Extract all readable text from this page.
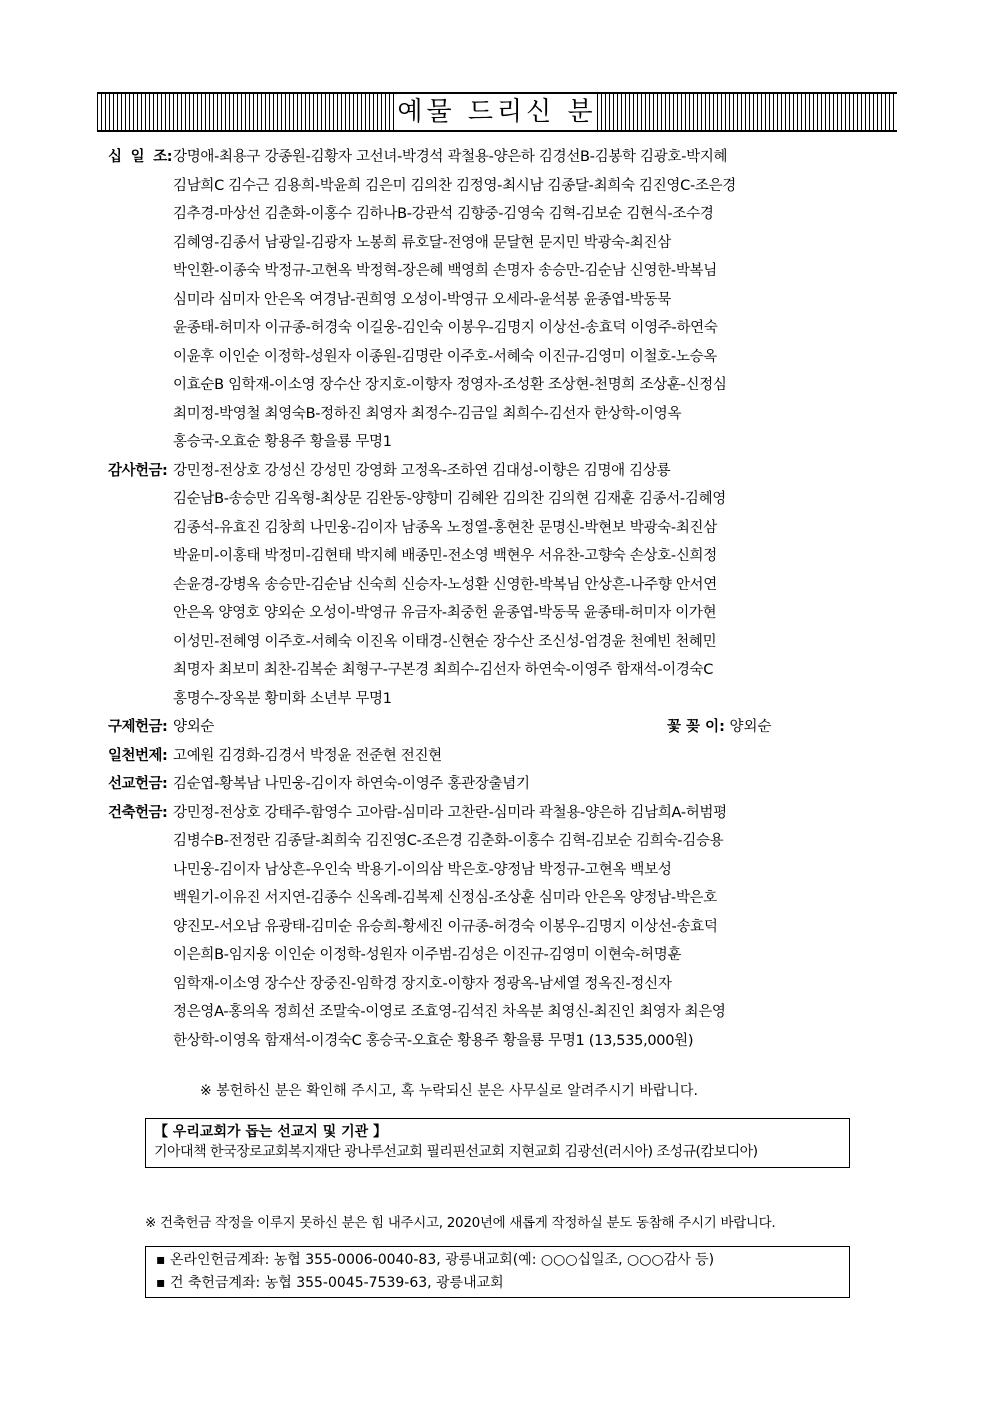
예물 드리신 분
십 일 조: 강명애-최용구 강종원-김황자 고선녀-박경석 곽철용-양은하 김경선B-김봉학 김광호-박지혜
김남희C 김수근 김용희-박윤희 김은미 김의찬 김정영-최시남 김종달-최희숙 김진영C-조은경
김추경-마상선 김춘화-이홍수 김하나B-강관석 김향중-김영숙 김혁-김보순 김현식-조수경
김혜영-김종서 남광일-김광자 노봉희 류호달-전영애 문달현 문지민 박광숙-최진삼
박인환-이종숙 박정규-고현옥 박정혁-장은혜 백영희 손명자 송승만-김순남 신영한-박복님
심미라 심미자 안은옥 여경남-권희영 오성이-박영규 오세라-윤석봉 윤종엽-박동묵
윤종태-허미자 이규종-허경숙 이길웅-김인숙 이봉우-김명지 이상선-송효덕 이영주-하연숙
이윤후 이인순 이정학-성원자 이종원-김명란 이주호-서혜숙 이진규-김영미 이철호-노승옥
이효순B 임학재-이소영 장수산 장지호-이향자 정영자-조성환 조상현-천명희 조상훈-신정심
최미정-박영철 최영숙B-정하진 최영자 최정수-김금일 최희수-김선자 한상학-이영옥
홍승국-오효순 황용주 황을룡 무명1
감사헌금: 강민정-전상호 강성신 강성민 강영화 고정옥-조하연 김대성-이향은 김명애 김상룡
김순남B-송승만 김옥형-최상문 김완동-양향미 김혜완 김의찬 김의현 김재훈 김종서-김혜영
김종석-유효진 김창희 나민웅-김이자 남종옥 노정열-홍현찬 문명신-박현보 박광숙-최진삼
박윤미-이홍태 박정미-김현태 박지혜 배종민-전소영 백현우 서유찬-고향숙 손상호-신희정
손윤경-강병옥 송승만-김순남 신숙희 신승자-노성환 신영한-박복님 안상흔-나주향 안서연
안은옥 양영호 양외순 오성이-박영규 유금자-최중헌 윤종엽-박동묵 윤종태-허미자 이가현
이성민-전혜영 이주호-서혜숙 이진옥 이태경-신현순 장수산 조신성-엄경윤 천예빈 천혜민
최명자 최보미 최찬-김복순 최형구-구본경 최희수-김선자 하연숙-이영주 함재석-이경숙C
홍명수-장옥분 황미화 소년부 무명1
구제헌금: 양외순	꽃 꽂 이: 양외순
일천번제: 고예원 김경화-김경서 박정윤 전준현 전진현
선교헌금: 김순엽-황복남 나민웅-김이자 하연숙-이영주 홍관장출념기
건축헌금: 강민정-전상호 강태주-함영수 고아람-심미라 고찬란-심미라 곽철용-양은하 김남희A-허범평
김병수B-전정란 김종달-최희숙 김진영C-조은경 김춘화-이홍수 김혁-김보순 김희숙-김승용
나민웅-김이자 남상흔-우인숙 박용기-이의삼 박은호-양정남 박정규-고현옥 백보성
백원기-이유진 서지연-김종수 신옥례-김복제 신정심-조상훈 심미라 안은옥 양정남-박은호
양진모-서오남 유광태-김미순 유승희-황세진 이규종-허경숙 이봉우-김명지 이상선-송효덕
이은희B-임지웅 이인순 이정학-성원자 이주범-김성은 이진규-김영미 이현숙-허명훈
임학재-이소영 장수산 장중진-임학경 장지호-이향자 정광옥-남세열 정옥진-정신자
정은영A-홍의옥 정희선 조말숙-이영로 조효영-김석진 차옥분 최영신-최진인 최영자 최은영
한상학-이영옥 함재석-이경숙C 홍승국-오효순 황용주 황을룡 무명1 (13,535,000원)
※ 봉헌하신 분은 확인해 주시고, 혹 누락되신 분은 사무실로 알려주시기 바랍니다.
【 우리교회가 돕는 선교지 및 기관 】
기아대책 한국장로교회복지재단 광나루선교회 필리핀선교회 지현교회 김광선(러시아) 조성규(캄보디아)
※ 건축헌금 작정을 이루지 못하신 분은 힘 내주시고, 2020년에 새롭게 작정하실 분도 동참해 주시기 바랍니다.
▪ 온라인헌금계좌: 농협 355-0006-0040-83, 광릉내교회(예: ○○○십일조, ○○○감사 등)
▪ 건 축헌금계좌: 농협 355-0045-7539-63, 광릉내교회
